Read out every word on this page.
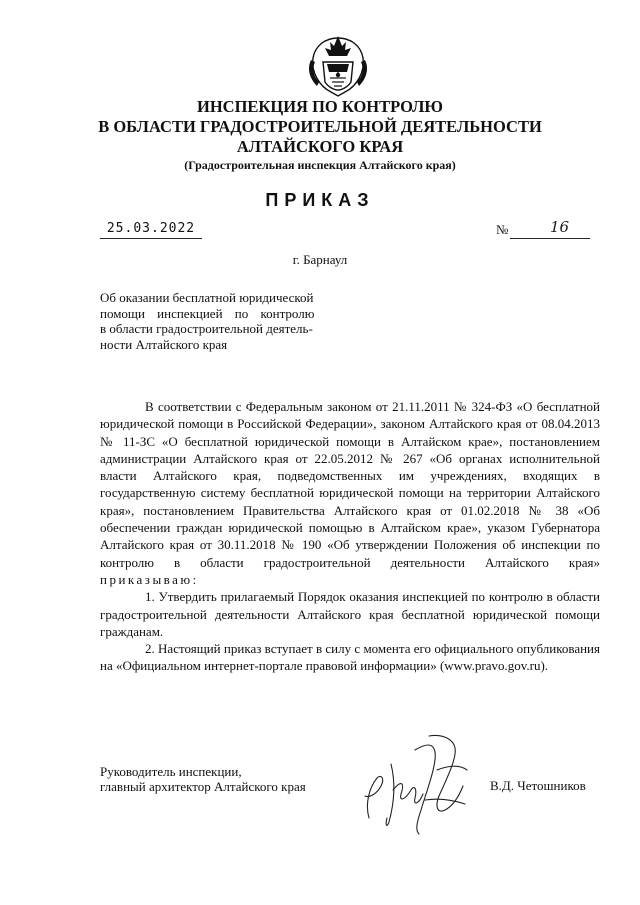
ИНСПЕКЦИЯ ПО КОНТРОЛЮ
В ОБЛАСТИ ГРАДОСТРОИТЕЛЬНОЙ ДЕЯТЕЛЬНОСТИ
АЛТАЙСКОГО КРАЯ
(Градостроительная инспекция Алтайского края)
ПРИКАЗ
25.03.2022	№	16
г. Барнаул
Об оказании бесплатной юридической
помощи инспекцией по контролю
в области градостроительной деятель-
ности Алтайского края

В соответствии с Федеральным законом от 21.11.2011 № 324-ФЗ «О бесплатной юридической помощи в Российской Федерации», законом Алтайского края от 08.04.2013 № 11-ЗС «О бесплатной юридической помощи в Алтайском крае», постановлением администрации Алтайского края от 22.05.2012 № 267 «Об органах исполнительной власти Алтайского края, подведомственных им учреждениях, входящих в государственную систему бесплатной юридической помощи на территории Алтайского края», постановлением Правительства Алтайского края от 01.02.2018 № 38 «Об обеспечении граждан юридической помощью в Алтайском крае», указом Губернатора Алтайского края от 30.11.2018 № 190 «Об утверждении Положения об инспекции по контролю в области градостроительной деятельности Алтайского края» приказываю:

1. Утвердить прилагаемый Порядок оказания инспекцией по контролю в области градостроительной деятельности Алтайского края бесплатной юридической помощи гражданам.

2. Настоящий приказ вступает в силу с момента его официального опубликования на «Официальном интернет-портале правовой информации» (www.pravo.gov.ru).

Руководитель инспекции,
главный архитектор Алтайского края	В.Д. Четошников
